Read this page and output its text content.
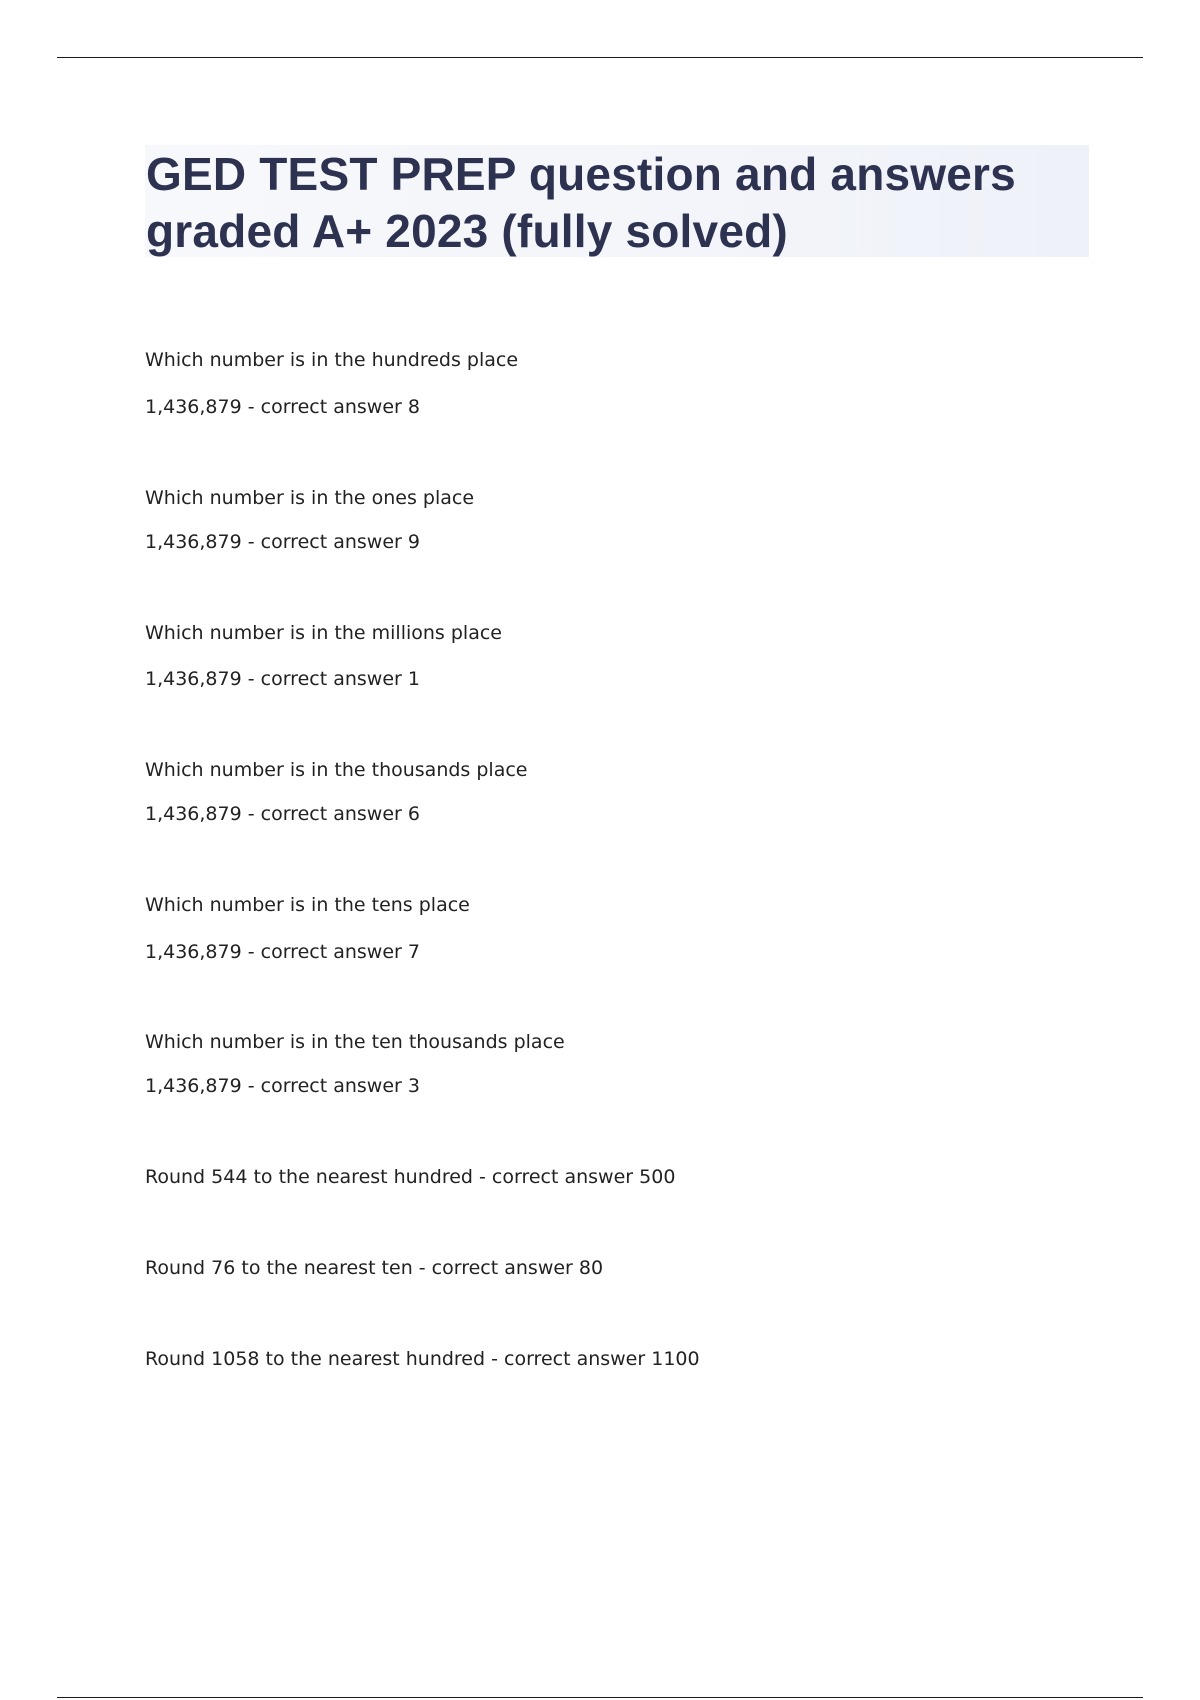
GED TEST PREP question and answers graded A+ 2023 (fully solved)

Which number is in the hundreds place

1,436,879 - correct answer 8

Which number is in the ones place

1,436,879 - correct answer 9

Which number is in the millions place

1,436,879 - correct answer 1

Which number is in the thousands place

1,436,879 - correct answer 6

Which number is in the tens place

1,436,879 - correct answer 7

Which number is in the ten thousands place

1,436,879 - correct answer 3

Round 544 to the nearest hundred - correct answer 500

Round 76 to the nearest ten - correct answer 80

Round 1058 to the nearest hundred - correct answer 1100
